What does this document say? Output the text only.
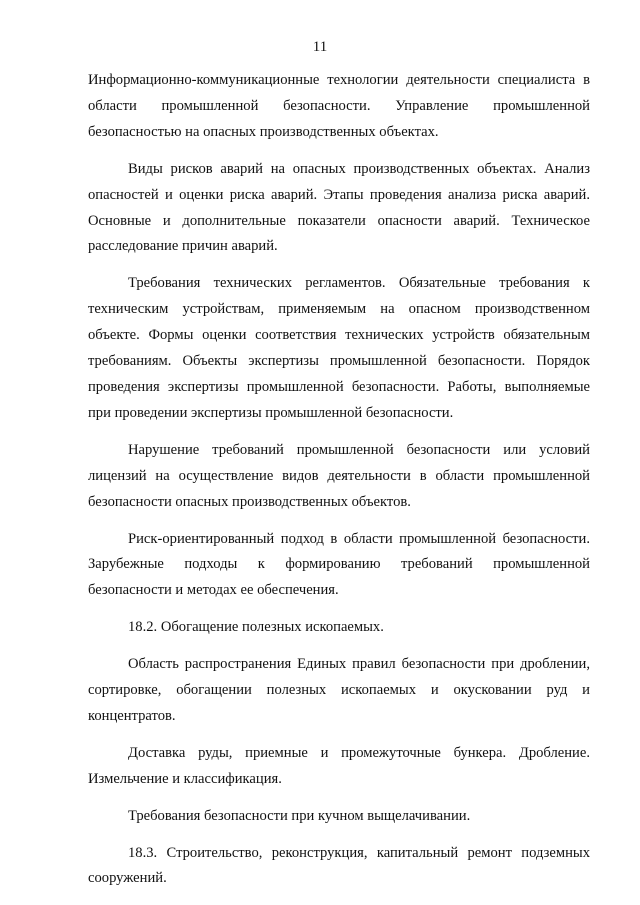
11

Информационно-коммуникационные технологии деятельности специалиста в области промышленной безопасности. Управление промышленной безопасностью на опасных производственных объектах.

Виды рисков аварий на опасных производственных объектах. Анализ опасностей и оценки риска аварий. Этапы проведения анализа риска аварий. Основные и дополнительные показатели опасности аварий. Техническое расследование причин аварий.

Требования технических регламентов. Обязательные требования к техническим устройствам, применяемым на опасном производственном объекте. Формы оценки соответствия технических устройств обязательным требованиям. Объекты экспертизы промышленной безопасности. Порядок проведения экспертизы промышленной безопасности. Работы, выполняемые при проведении экспертизы промышленной безопасности.

Нарушение требований промышленной безопасности или условий лицензий на осуществление видов деятельности в области промышленной безопасности опасных производственных объектов.

Риск-ориентированный подход в области промышленной безопасности. Зарубежные подходы к формированию требований промышленной безопасности и методах ее обеспечения.

18.2. Обогащение полезных ископаемых.

Область распространения Единых правил безопасности при дроблении, сортировке, обогащении полезных ископаемых и окусковании руд и концентратов.

Доставка руды, приемные и промежуточные бункера. Дробление. Измельчение и классификация.

Требования безопасности при кучном выщелачивании.

18.3. Строительство, реконструкция, капитальный ремонт подземных сооружений.
